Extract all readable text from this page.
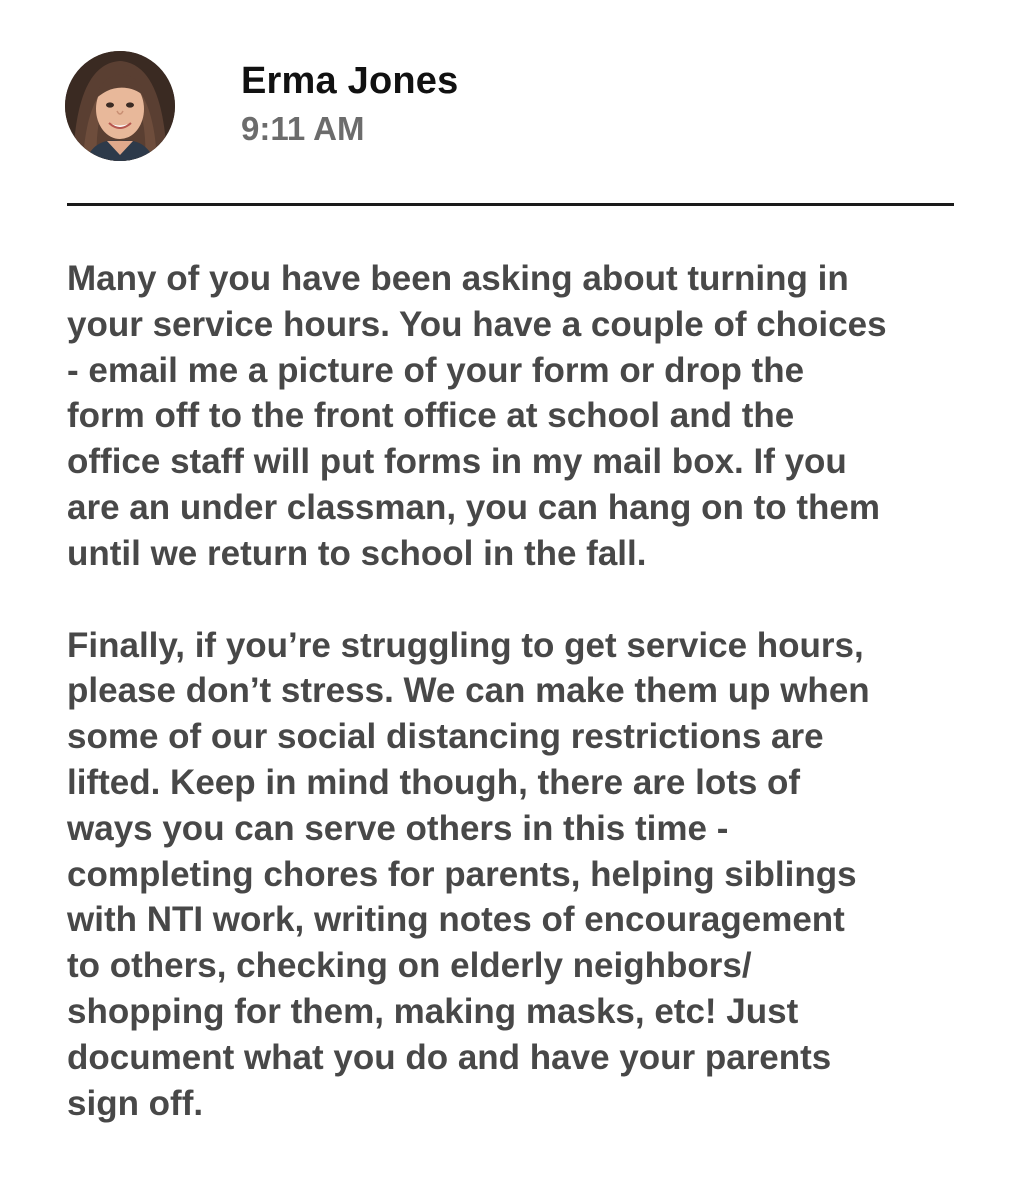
Erma Jones
9:11 AM

Many of you have been asking about turning in
your service hours. You have a couple of choices
- email me a picture of your form or drop the
form off to the front office at school and the
office staff will put forms in my mail box. If you
are an under classman, you can hang on to them
until we return to school in the fall.

Finally, if you’re struggling to get service hours,
please don’t stress. We can make them up when
some of our social distancing restrictions are
lifted. Keep in mind though, there are lots of
ways you can serve others in this time -
completing chores for parents, helping siblings
with NTI work, writing notes of encouragement
to others, checking on elderly neighbors/
shopping for them, making masks, etc! Just
document what you do and have your parents
sign off.
